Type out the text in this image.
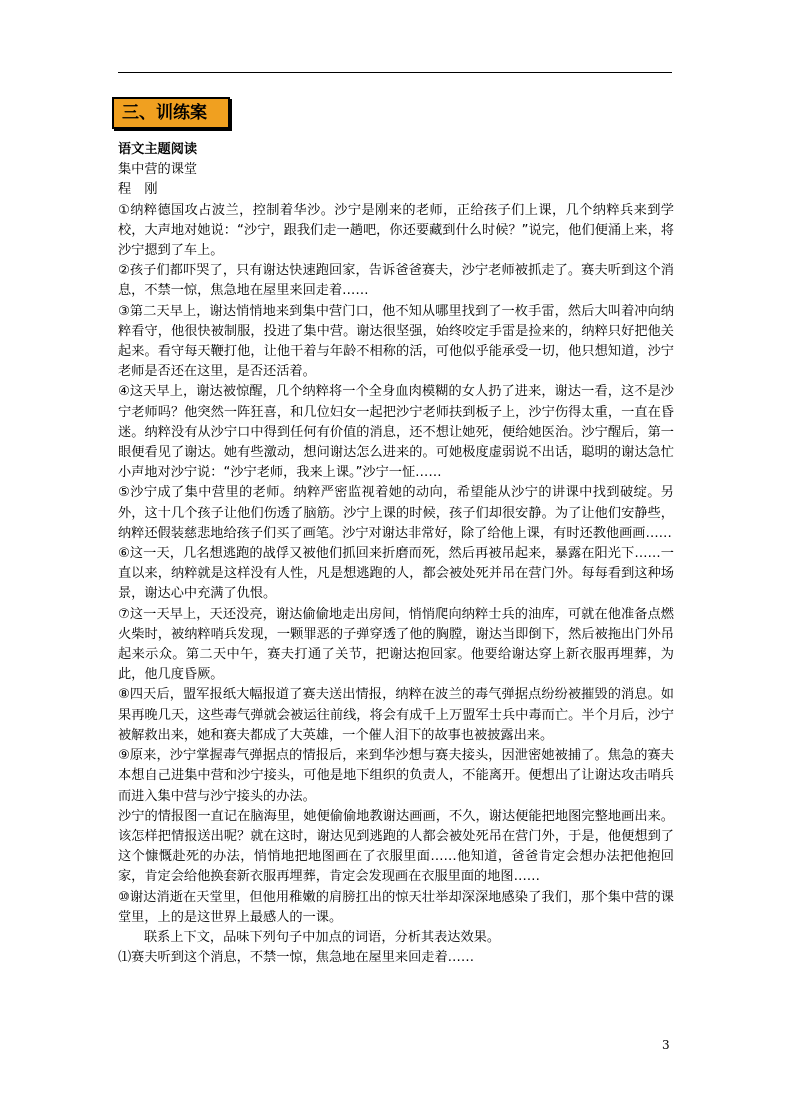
三、训练案

语文主题阅读

集中营的课堂

程　刚

①纳粹德国攻占波兰，控制着华沙。沙宁是刚来的老师，正给孩子们上课，几个纳粹兵来到学校，大声地对她说：“沙宁，跟我们走一趟吧，你还要藏到什么时候？”说完，他们便涌上来，将沙宁摁到了车上。

②孩子们都吓哭了，只有谢达快速跑回家，告诉爸爸赛夫，沙宁老师被抓走了。赛夫听到这个消息，不禁一惊，焦急地在屋里来回走着……

③第二天早上，谢达悄悄地来到集中营门口，他不知从哪里找到了一枚手雷，然后大叫着冲向纳粹看守，他很快被制服，投进了集中营。谢达很坚强，始终咬定手雷是捡来的，纳粹只好把他关起来。看守每天鞭打他，让他干着与年龄不相称的活，可他似乎能承受一切，他只想知道，沙宁老师是否还在这里，是否还活着。

④这天早上，谢达被惊醒，几个纳粹将一个全身血肉模糊的女人扔了进来，谢达一看，这不是沙宁老师吗？他突然一阵狂喜，和几位妇女一起把沙宁老师扶到板子上，沙宁伤得太重，一直在昏迷。纳粹没有从沙宁口中得到任何有价值的消息，还不想让她死，便给她医治。沙宁醒后，第一眼便看见了谢达。她有些激动，想问谢达怎么进来的。可她极度虚弱说不出话，聪明的谢达急忙小声地对沙宁说：“沙宁老师，我来上课。”沙宁一怔……

⑤沙宁成了集中营里的老师。纳粹严密监视着她的动向，希望能从沙宁的讲课中找到破绽。另外，这十几个孩子让他们伤透了脑筋。沙宁上课的时候，孩子们却很安静。为了让他们安静些，纳粹还假装慈悲地给孩子们买了画笔。沙宁对谢达非常好，除了给他上课，有时还教他画画……

⑥这一天，几名想逃跑的战俘又被他们抓回来折磨而死，然后再被吊起来，暴露在阳光下……一直以来，纳粹就是这样没有人性，凡是想逃跑的人，都会被处死并吊在营门外。每每看到这种场景，谢达心中充满了仇恨。

⑦这一天早上，天还没亮，谢达偷偷地走出房间，悄悄爬向纳粹士兵的油库，可就在他准备点燃火柴时，被纳粹哨兵发现，一颗罪恶的子弹穿透了他的胸膛，谢达当即倒下，然后被拖出门外吊起来示众。第二天中午，赛夫打通了关节，把谢达抱回家。他要给谢达穿上新衣服再埋葬，为此，他几度昏厥。

⑧四天后，盟军报纸大幅报道了赛夫送出情报，纳粹在波兰的毒气弹据点纷纷被摧毁的消息。如果再晚几天，这些毒气弹就会被运往前线，将会有成千上万盟军士兵中毒而亡。半个月后，沙宁被解救出来，她和赛夫都成了大英雄，一个催人泪下的故事也被披露出来。

⑨原来，沙宁掌握毒气弹据点的情报后，来到华沙想与赛夫接头，因泄密她被捕了。焦急的赛夫本想自己进集中营和沙宁接头，可他是地下组织的负责人，不能离开。便想出了让谢达攻击哨兵而进入集中营与沙宁接头的办法。

沙宁的情报图一直记在脑海里，她便偷偷地教谢达画画，不久，谢达便能把地图完整地画出来。该怎样把情报送出呢？就在这时，谢达见到逃跑的人都会被处死吊在营门外，于是，他便想到了这个慷慨赴死的办法，悄悄地把地图画在了衣服里面……他知道，爸爸肯定会想办法把他抱回家，肯定会给他换套新衣服再埋葬，肯定会发现画在衣服里面的地图……

⑩谢达消逝在天堂里，但他用稚嫩的肩膀扛出的惊天壮举却深深地感染了我们，那个集中营的课堂里，上的是这世界上最感人的一课。

联系上下文，品味下列句子中加点的词语，分析其表达效果。

⑴赛夫听到这个消息，不禁一惊，焦急地在屋里来回走着……

3
